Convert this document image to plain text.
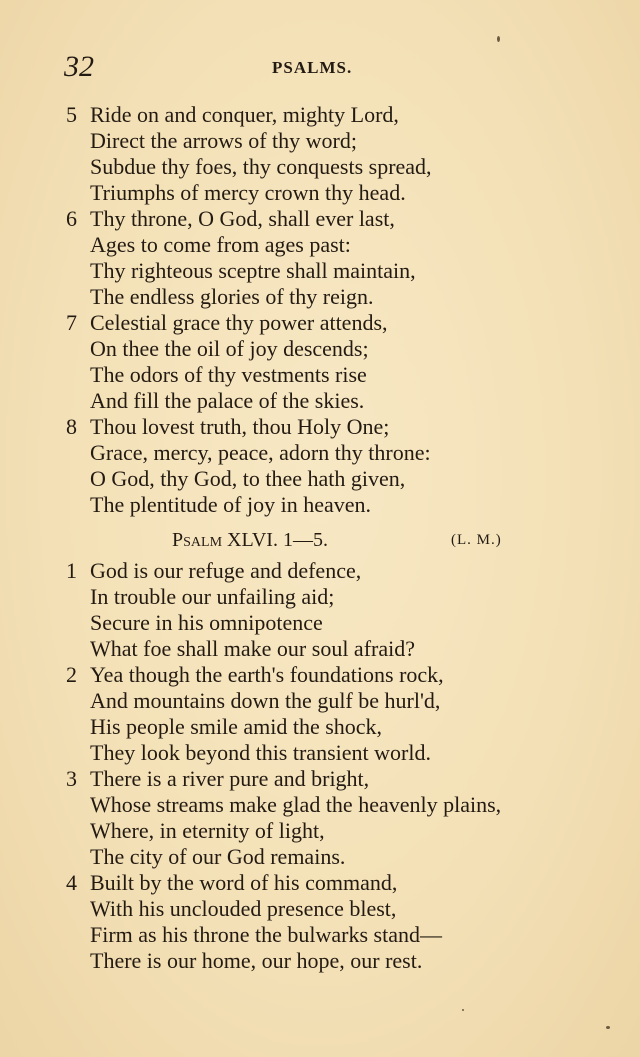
32	PSALMS.
5 Ride on and conquer, mighty Lord,
Direct the arrows of thy word;
Subdue thy foes, thy conquests spread,
Triumphs of mercy crown thy head.
6 Thy throne, O God, shall ever last,
Ages to come from ages past:
Thy righteous sceptre shall maintain,
The endless glories of thy reign.
7 Celestial grace thy power attends,
On thee the oil of joy descends;
The odors of thy vestments rise
And fill the palace of the skies.
8 Thou lovest truth, thou Holy One;
Grace, mercy, peace, adorn thy throne:
O God, thy God, to thee hath given,
The plentitude of joy in heaven.
Psalm XLVI. 1—5.	(L. M.)
1 God is our refuge and defence,
In trouble our unfailing aid;
Secure in his omnipotence
What foe shall make our soul afraid?
2 Yea though the earth's foundations rock,
And mountains down the gulf be hurl'd,
His people smile amid the shock,
They look beyond this transient world.
3 There is a river pure and bright,
Whose streams make glad the heavenly plains,
Where, in eternity of light,
The city of our God remains.
4 Built by the word of his command,
With his unclouded presence blest,
Firm as his throne the bulwarks stand—
There is our home, our hope, our rest.
